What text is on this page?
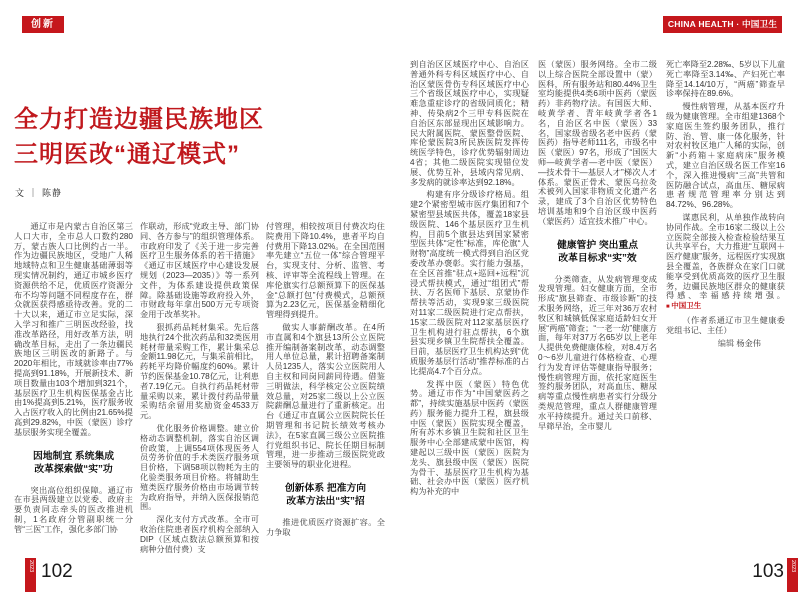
创新	CHINA HEALTH · 中国卫生
全力打造边疆民族地区
三明医改“通辽模式”
文 ｜ 陈静

通辽市是内蒙古自治区第三人口大市，全市总人口数约280万，蒙古族人口比例约占一半。作为边疆民族地区，受地广人稀地域特点和卫生健康基础薄弱等现实情况制约，通辽市城乡医疗资源供给不足，优质医疗资源分布不均等问题不同程度存在，群众就医获得感亟待改善。党的二十大以来，通辽市立足实际，深入学习和推广三明医改经验，找准改革路径，用好改革方法，明确改革目标，走出了一条边疆民族地区三明医改的新路子。与2020年相比，市域就诊率由77%提高到91.18%，开展新技术、新项目数量由103个增加到321个，基层医疗卫生机构医保基金占比由1%提高到5.21%，医疗服务收入占医疗收入的比例由21.65%提高到29.82%，中医（蒙医）诊疗基层服务实现全覆盖。

因地制宜 系统集成
改革探索做“实”功

突出高位组织保障。通辽市在市县两级建立以党委、政府主要负责同志牵头的医改推进机制，1名政府分管副职统一分管“三医”工作，强化多部门协

作联动，形成“党政主导、部门协同、各方参与”的组织管理体系。市政府印发了《关于进一步完善医疗卫生服务体系的若干措施》《通辽市区域医疗中心建设发展规划（2023—2035）》等一系列文件，为体系建设提供政策保障。除基础设施等政府投入外，市财政每年拿出500万元专项资金用于改革奖补。

狠抓药品耗材集采。先后落地执行24个批次药品和32类医用耗材带量采购工作，累计集采总金额11.98亿元，与集采前相比，药耗平均降价幅度约60%。累计节约医保基金10.78亿元，让利患者7.19亿元。自执行药品耗材带量采购以来，累计拨付药品带量采购结余留用奖励资金4533万元。

优化服务价格调整。建立价格动态调整机制，落实自治区调价政策，上调554项体现医务人员劳务价值的手术类医疗服务项目价格，下调58项以物耗为主的化验类服务项目价格。将辅助生殖类医疗服务价格由市场调节转为政府指导，并纳入医保报销范围。

深化支付方式改革。全市可收治住院患者医疗机构全部纳入DIP（区域点数法总额预算和按病种分值付费）支

付管理，相较按项目付费次均住院费用下降10.4%，患者平均自付费用下降13.02%。在全国范围率先建立“五位一体”综合管理平台，实现支付、分析、监管、考核、评审等全流程线上管理。在库伦旗实行总额预算下的医保基金“总额打包”付费模式，总额预算为2.23亿元，医保基金精细化管理得到提升。

做实人事薪酬改革。在4所市直属和4个旗县13所公立医院推开编制备案制改革，动态调整用人单位总量，累计招聘备案制人员1235人，落实公立医院用人自主权和同岗同薪同待遇。借鉴三明做法，科学核定公立医院绩效总量，对25家二级以上公立医院薪酬总量进行了重新核定。出台《通辽市直属公立医院院长任期管理和书记院长绩效考核办法》，在5家直属三级公立医院推行党组织书记、院长任期目标制管理，进一步推动三级医院党政主要领导的职业化进程。

创新体系 把准方向
改革方法出“实”招

推进优质医疗资源扩容。全力争取

到自治区区域医疗中心、自治区普通外科专科区域医疗中心、自治区蒙医骨伤专科区域医疗中心三个省级区域医疗中心，实现疑难急重症诊疗的省级同质化；精神、传染病2个三甲专科医院在自治区东部显现出区域影响力。民大附属医院、蒙医整骨医院、库伦蒙医院3所民族医院发挥传统医学特色，诊疗优势辐射周边4省；其他二级医院实现错位发展、优势互补，县域内常见病、多发病的就诊率达到92.18%。

构建有序分级诊疗格局。组建2个紧密型城市医疗集团和7个紧密型县域医共体，覆盖18家县级医院、146个基层医疗卫生机构，目前5个旗县达到国家紧密型医共体“定性”标准，库伦旗“人财物”高度统一模式得到自治区党委改革办褒彰。实行能力强基，在全区首推“驻点+巡回+远程”沉浸式帮扶模式，通过“组团式”帮扶、万名医师下基层、京蒙协作帮扶等活动，实现9家三级医院对11家二级医院进行定点帮扶，15家二级医院对112家基层医疗卫生机构进行驻点帮扶，6个旗县实现乡镇卫生院帮扶全覆盖。目前，基层医疗卫生机构达到“优质服务基层行活动”推荐标准的占比提高4.7个百分点。

发挥中医（蒙医）特色优势。通辽市作为“中国蒙医药之都”，持续实施基层中医药（蒙医药）服务能力提升工程，旗县级中医（蒙医）医院实现全覆盖，所有苏木乡镇卫生院和社区卫生服务中心全部建成蒙中医馆，构建起以三级中医（蒙医）医院为龙头、旗县级中医（蒙医）医院为骨干、基层医疗卫生机构为基础、社会办中医（蒙医）医疗机构为补充的中

医（蒙医）服务网络。全市二级以上综合医院全部设置中（蒙）医科，所有服务站和80.44%卫生室均能提供4类6项中医药（蒙医药）非药物疗法。有国医大师、岐黄学者、青年岐黄学者各1名，自治区名中医（蒙医）33名，国家级省级名老中医药（蒙医药）指导老师111名，市级名中医（蒙医）97名，形成了“国医大师—岐黄学者—老中医（蒙医）—技术骨干—基层人才”梯次人才体系。蒙医正骨术、蒙医乌拉灸术被列入国家非物质文化遗产名录，建成了3个自治区优势特色培训基地和9个自治区级中医药（蒙医药）适宜技术推广中心。

健康管护 突出重点
改革目标求“实”效

分类筛查，从发病管理变成发现管理。妇女健康方面，全市形成“旗县筛查、市级诊断”的技术服务网络，近三年对36万农村牧区和城镇低保家庭适龄妇女开展“两癌”筛查；“一老一幼”健康方面，每年对37万名65岁以上老年人提供免费健康体检，对8.4万名0～6岁儿童进行体格检查、心理行为发育评估等健康指导服务；慢性病管理方面，依托家庭医生签约服务团队，对高血压、糖尿病等重点慢性病患者实行分级分类规范管理，重点人群健康管理水平持续提升。通过关口前移、早筛早治，全市婴儿

死亡率降至2.28‰、5岁以下儿童死亡率降至3.14‰、产妇死亡率降至14.14/10万，“两癌”筛查早诊率保持在89.6%。

慢性病管理，从基本医疗升级为健康管理。全市组建1368个家庭医生签约服务团队，推行防、治、管、康一体化服务，针对农村牧区地广人稀的实际，创新“小药箱＋家庭病床”服务模式，建立自治区级名医工作室16个，深入推进慢病“三高”共管和医防融合试点，高血压、糖尿病患者规范管理率分别达到84.72%、96.28%。

谋惠民利，从单独作战转向协同作战。全市16家二级以上公立医院全部接入检查检验结果互认共享平台，大力推进“互联网＋医疗健康”服务，远程医疗实现旗县全覆盖，各族群众在家门口就能享受到优质高效的医疗卫生服务，边疆民族地区群众的健康获得感、幸福感持续增强。 ■ 中国卫生

（作者系通辽市卫生健康委党组书记、主任）

编辑 杨金伟

2023 102	103	2023
